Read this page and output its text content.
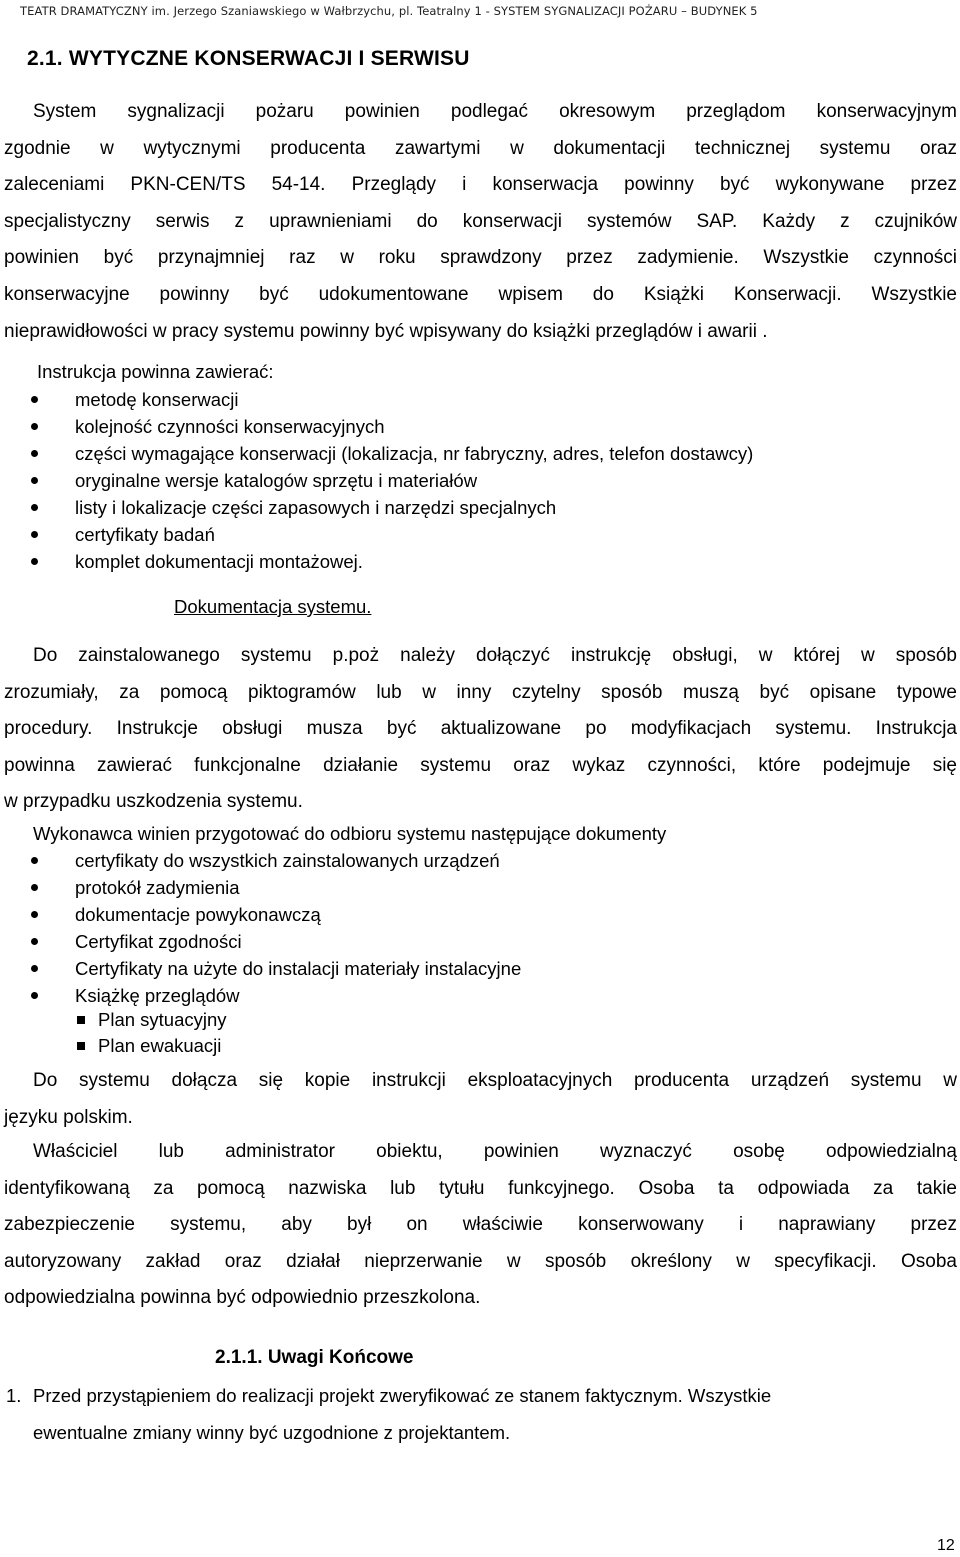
TEATR DRAMATYCZNY im. Jerzego Szaniawskiego w Wałbrzychu, pl. Teatralny 1 - SYSTEM SYGNALIZACJI POŻARU – BUDYNEK 5
2.1. WYTYCZNE KONSERWACJI I SERWISU
System sygnalizacji pożaru powinien podlegać okresowym przeglądom konserwacyjnym
zgodnie w wytycznymi producenta zawartymi w dokumentacji technicznej systemu oraz
zaleceniami PKN-CEN/TS 54-14. Przeglądy i konserwacja powinny być wykonywane przez
specjalistyczny serwis z uprawnieniami do konserwacji systemów SAP. Każdy z czujników
powinien być przynajmniej raz w roku sprawdzony przez zadymienie. Wszystkie czynności
konserwacyjne powinny być udokumentowane wpisem do Książki Konserwacji. Wszystkie
nieprawidłowości w pracy systemu powinny być wpisywany do książki przeglądów i awarii .
Instrukcja powinna zawierać:
metodę konserwacji
kolejność czynności konserwacyjnych
części wymagające konserwacji (lokalizacja, nr fabryczny, adres, telefon dostawcy)
oryginalne wersje katalogów sprzętu i materiałów
listy i lokalizacje części zapasowych i narzędzi specjalnych
certyfikaty badań
komplet dokumentacji montażowej.
Dokumentacja systemu.
Do zainstalowanego systemu p.poż należy dołączyć instrukcję obsługi, w której w sposób
zrozumiały, za pomocą piktogramów lub w inny czytelny sposób muszą być opisane typowe
procedury. Instrukcje obsługi musza być aktualizowane po modyfikacjach systemu. Instrukcja
powinna zawierać funkcjonalne działanie systemu oraz wykaz czynności, które podejmuje się
w przypadku uszkodzenia systemu.
Wykonawca winien przygotować do odbioru systemu następujące dokumenty
certyfikaty do wszystkich zainstalowanych urządzeń
protokół zadymienia
dokumentacje powykonawczą
Certyfikat zgodności
Certyfikaty na użyte do instalacji materiały instalacyjne
Książkę przeglądów
Plan sytuacyjny
Plan ewakuacji
Do systemu dołącza się kopie instrukcji eksploatacyjnych producenta urządzeń systemu w
języku polskim.
Właściciel lub administrator obiektu, powinien wyznaczyć osobę odpowiedzialną
identyfikowaną za pomocą nazwiska lub tytułu funkcyjnego. Osoba ta odpowiada za takie
zabezpieczenie systemu, aby był on właściwie konserwowany i naprawiany przez
autoryzowany zakład oraz działał nieprzerwanie w sposób określony w specyfikacji. Osoba
odpowiedzialna powinna być odpowiednio przeszkolona.
2.1.1. Uwagi Końcowe
1. Przed przystąpieniem do realizacji projekt zweryfikować ze stanem faktycznym. Wszystkie
ewentualne zmiany winny być uzgodnione z projektantem.
12
